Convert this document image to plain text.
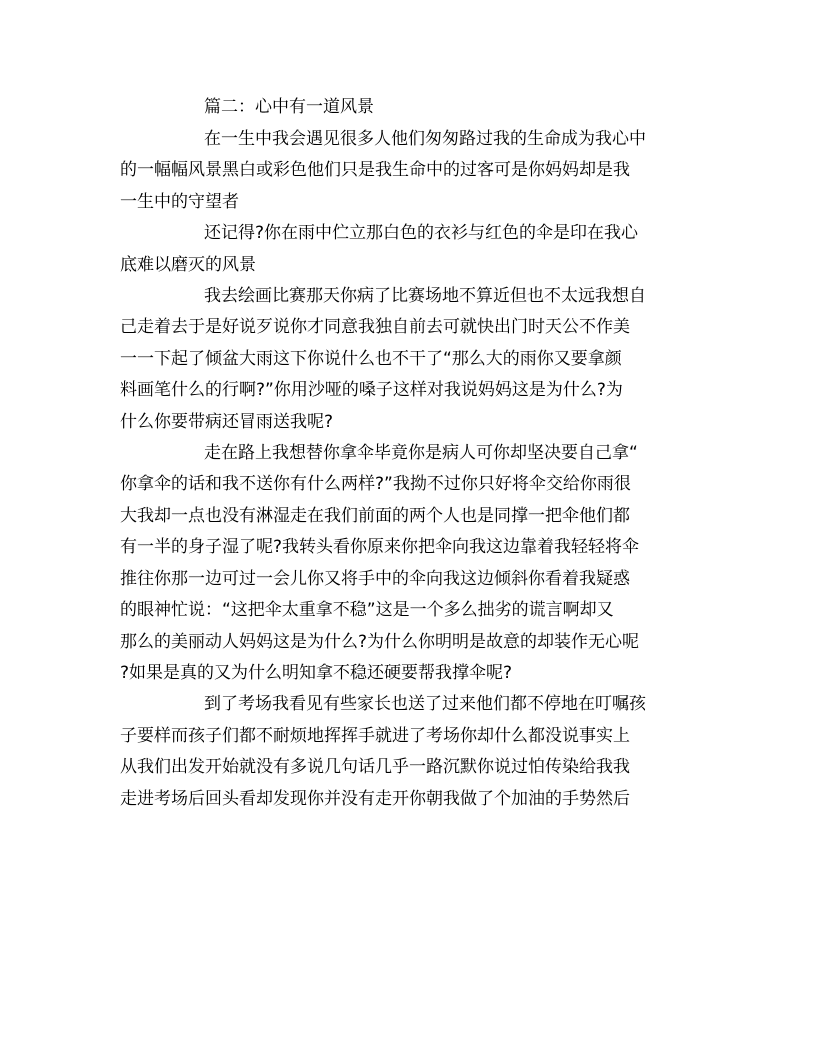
篇二：心中有一道风景

在一生中我会遇见很多人他们匆匆路过我的生命成为我心中
的一幅幅风景黑白或彩色他们只是我生命中的过客可是你妈妈却是我
一生中的守望者

还记得?你在雨中伫立那白色的衣衫与红色的伞是印在我心
底难以磨灭的风景

我去绘画比赛那天你病了比赛场地不算近但也不太远我想自
己走着去于是好说歹说你才同意我独自前去可就快出门时天公不作美
一一下起了倾盆大雨这下你说什么也不干了“那么大的雨你又要拿颜
料画笔什么的行啊?”你用沙哑的嗓子这样对我说妈妈这是为什么?为
什么你要带病还冒雨送我呢?

走在路上我想替你拿伞毕竟你是病人可你却坚决要自己拿“
你拿伞的话和我不送你有什么两样?”我拗不过你只好将伞交给你雨很
大我却一点也没有淋湿走在我们前面的两个人也是同撑一把伞他们都
有一半的身子湿了呢?我转头看你原来你把伞向我这边靠着我轻轻将伞
推往你那一边可过一会儿你又将手中的伞向我这边倾斜你看着我疑惑
的眼神忙说：“这把伞太重拿不稳”这是一个多么拙劣的谎言啊却又
那么的美丽动人妈妈这是为什么?为什么你明明是故意的却装作无心呢
?如果是真的又为什么明知拿不稳还硬要帮我撑伞呢?

到了考场我看见有些家长也送了过来他们都不停地在叮嘱孩
子要样而孩子们都不耐烦地挥挥手就进了考场你却什么都没说事实上
从我们出发开始就没有多说几句话几乎一路沉默你说过怕传染给我我
走进考场后回头看却发现你并没有走开你朝我做了个加油的手势然后
